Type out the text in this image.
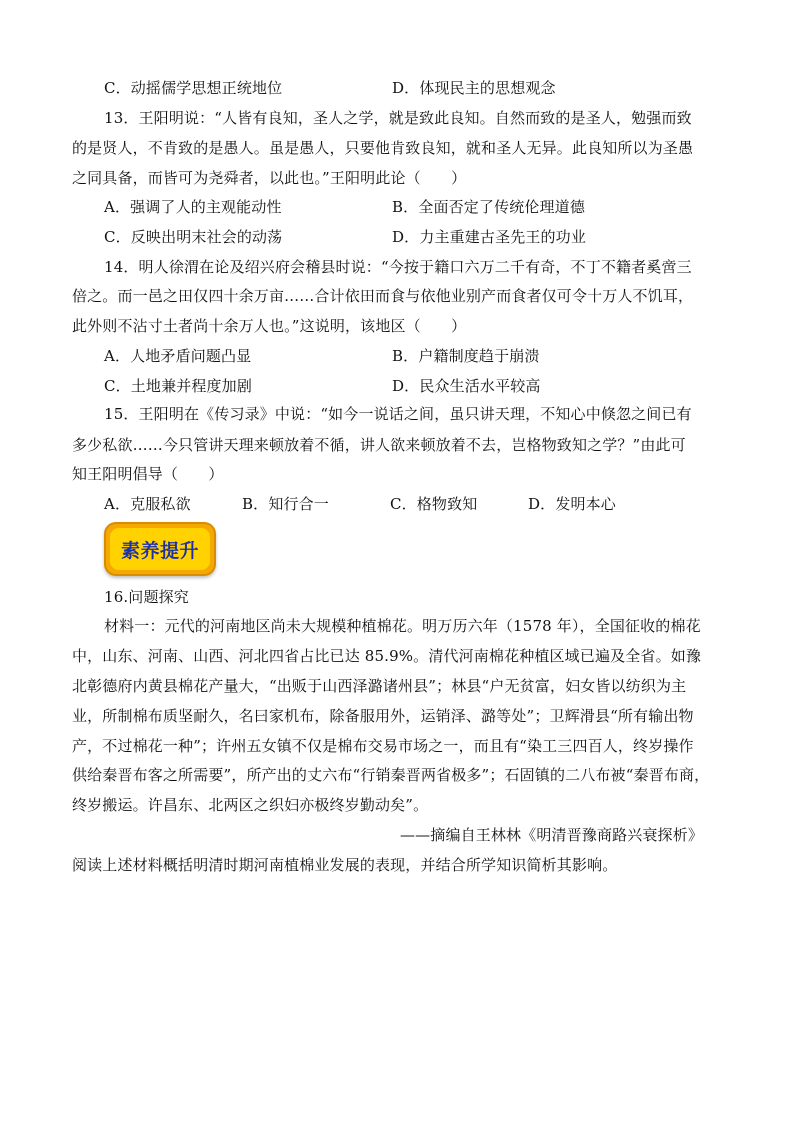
C．动摇儒学思想正统地位	D．体现民主的思想观念
13．王阳明说：“人皆有良知，圣人之学，就是致此良知。自然而致的是圣人，勉强而致
的是贤人，不肯致的是愚人。虽是愚人，只要他肯致良知，就和圣人无异。此良知所以为圣愚
之同具备，而皆可为尧舜者，以此也。”王阳明此论（　　）
A．强调了人的主观能动性	B．全面否定了传统伦理道德
C．反映出明末社会的动荡	D．力主重建古圣先王的功业
14．明人徐渭在论及绍兴府会稽县时说：“今按于籍口六万二千有奇，不丁不籍者奚啻三
倍之。而一邑之田仅四十余万亩……合计依田而食与依他业别产而食者仅可令十万人不饥耳，
此外则不沾寸土者尚十余万人也。”这说明，该地区（　　）
A．人地矛盾问题凸显	B．户籍制度趋于崩溃
C．土地兼并程度加剧	D．民众生活水平较高
15．王阳明在《传习录》中说：“如今一说话之间，虽只讲天理，不知心中倏忽之间已有
多少私欲……今只管讲天理来顿放着不循，讲人欲来顿放着不去，岂格物致知之学？”由此可
知王阳明倡导（　　）
A．克服私欲	B．知行合一	C．格物致知	D．发明本心
素养提升
16.问题探究
材料一：元代的河南地区尚未大规模种植棉花。明万历六年（1578 年），全国征收的棉花
中，山东、河南、山西、河北四省占比已达 85.9%。清代河南棉花种植区域已遍及全省。如豫
北彰德府内黄县棉花产量大，“出贩于山西泽潞诸州县”；林县“户无贫富，妇女皆以纺织为主
业，所制棉布质坚耐久，名曰家机布，除备服用外，运销泽、潞等处”；卫辉滑县“所有输出物
产，不过棉花一种”；许州五女镇不仅是棉布交易市场之一，而且有“染工三四百人，终岁操作
供给秦晋布客之所需要”，所产出的丈六布“行销秦晋两省极多”；石固镇的二八布被“秦晋布商，
终岁搬运。许昌东、北两区之织妇亦极终岁勤动矣”。
——摘编自王林林《明清晋豫商路兴衰探析》
阅读上述材料概括明清时期河南植棉业发展的表现，并结合所学知识简析其影响。
